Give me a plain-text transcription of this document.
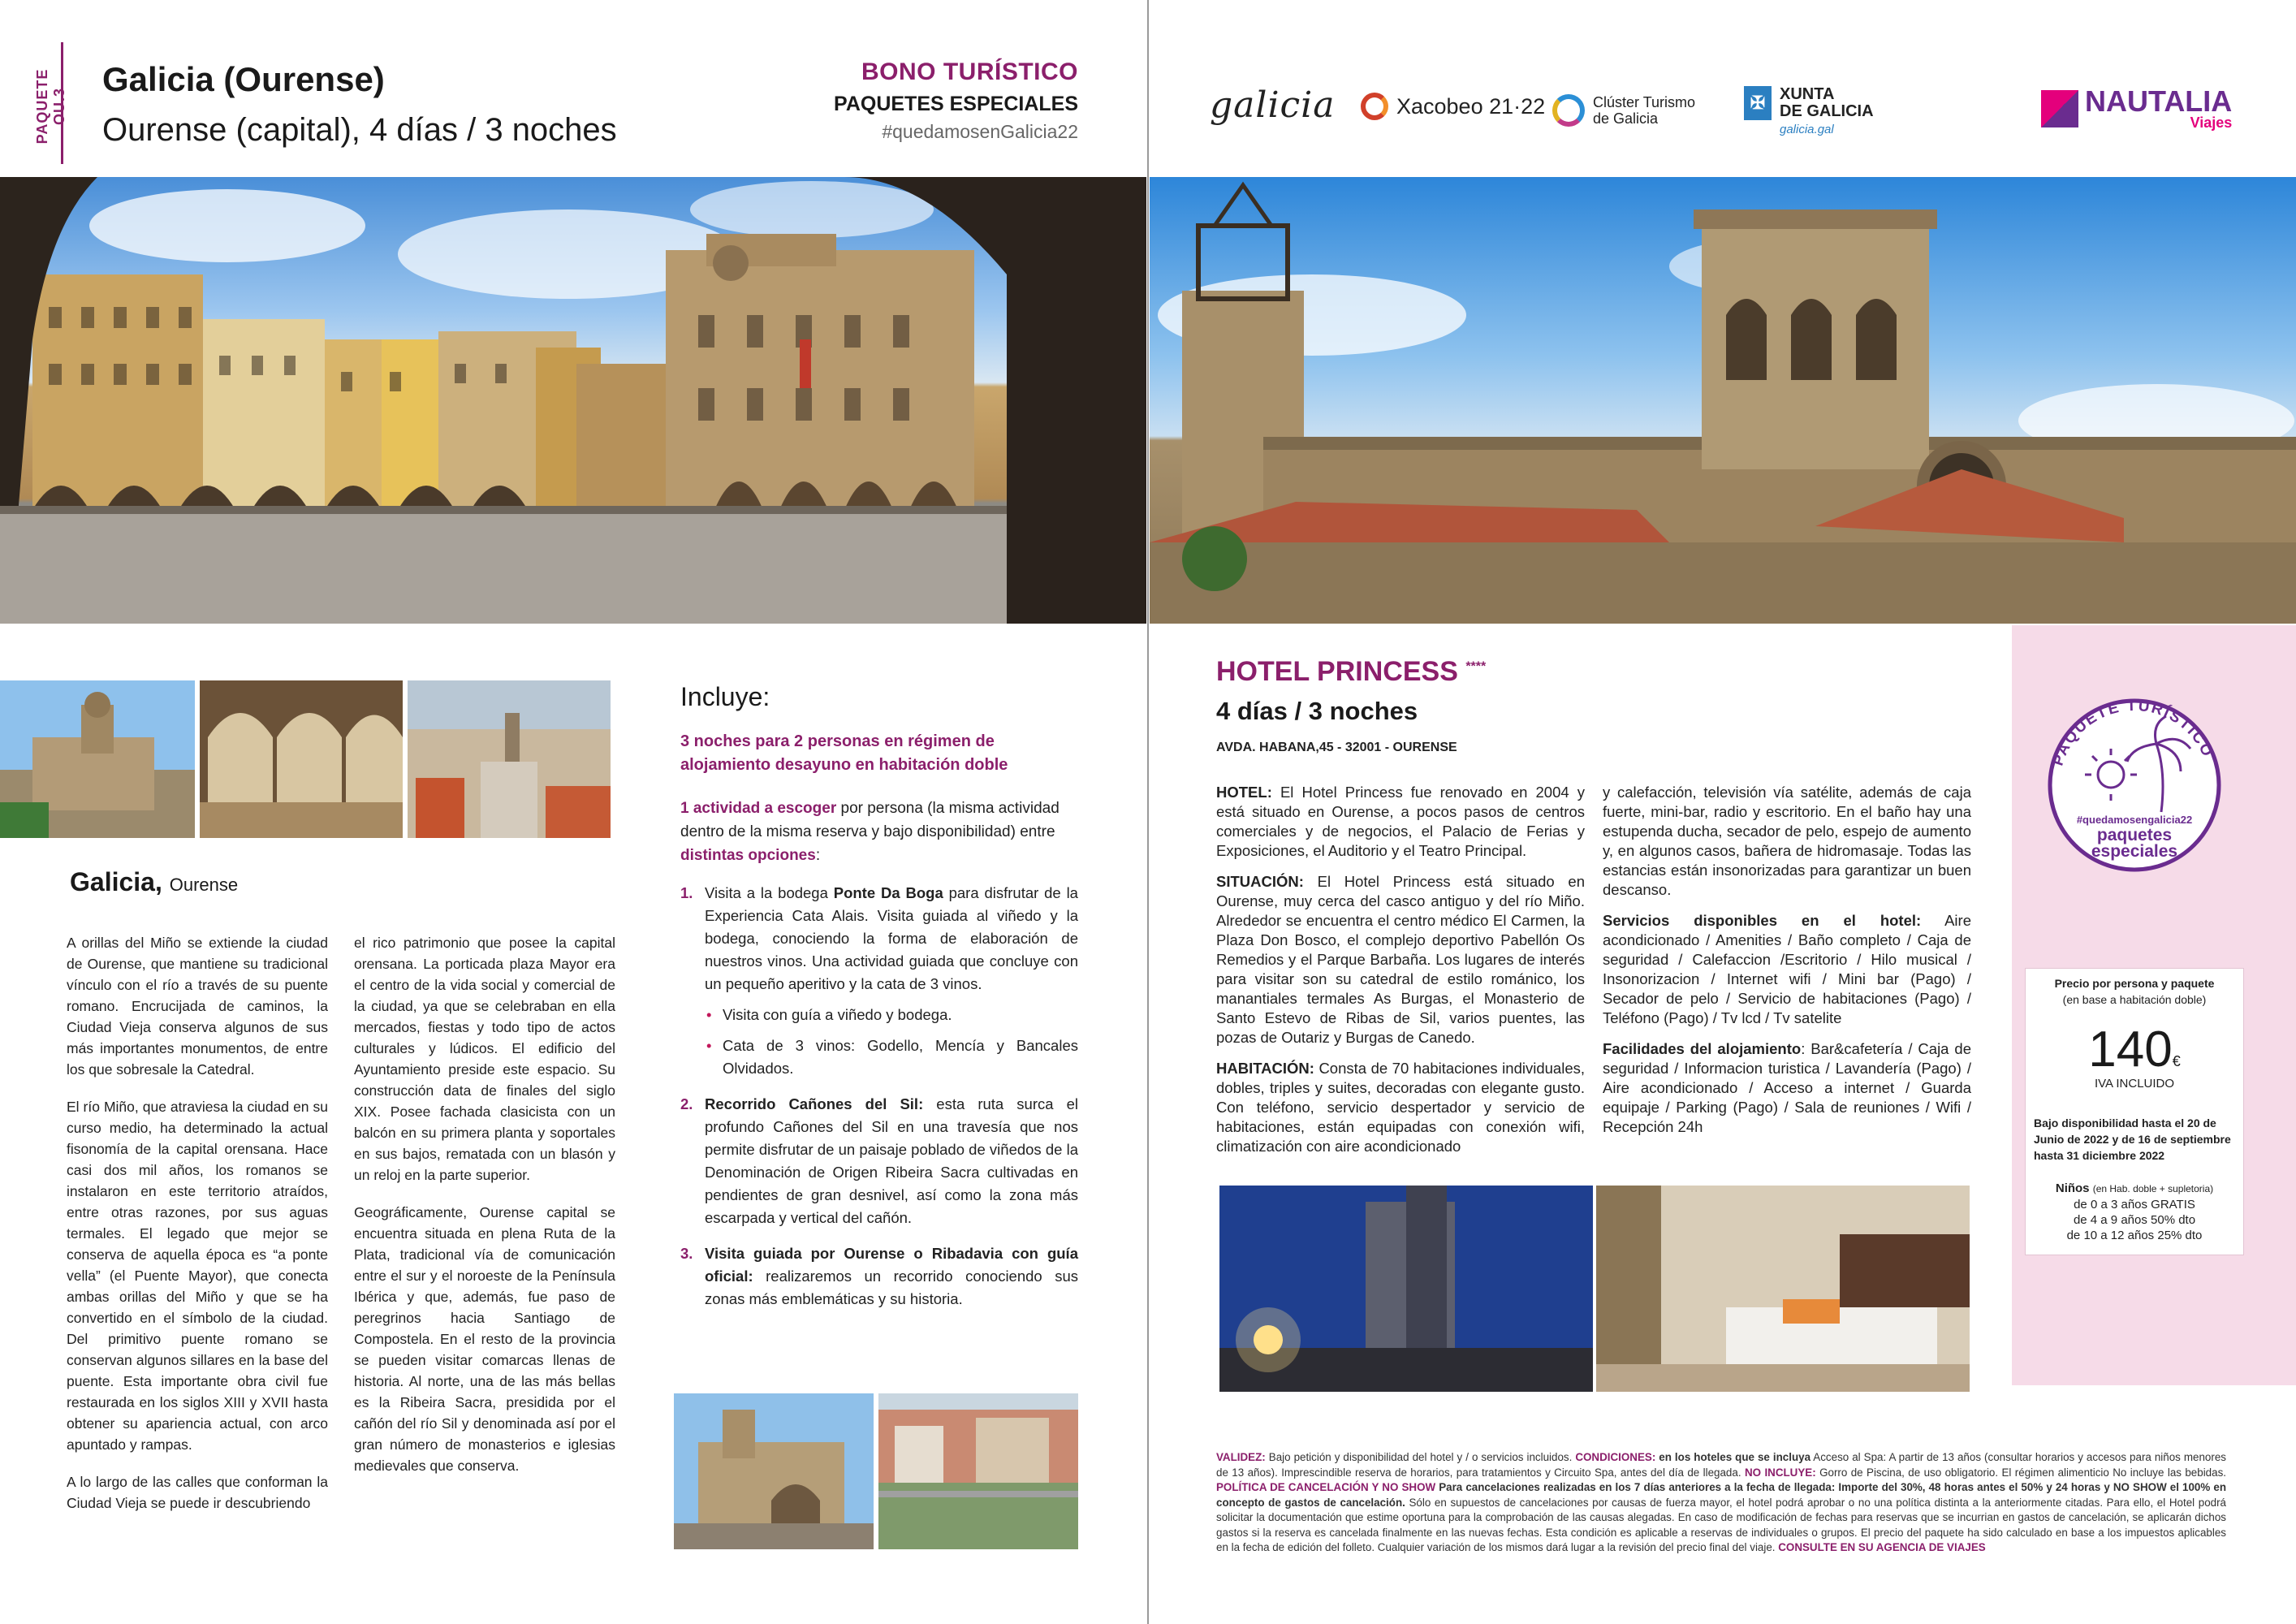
PAQUETE OU.3
Galicia (Ourense)
Ourense (capital), 4 días / 3 noches
BONO TURÍSTICO
PAQUETES ESPECIALES
#quedamosenGalicia22
Galicia, Ourense

A orillas del Miño se extiende la ciudad de Ourense, que mantiene su tradicional vínculo con el río a través de su puente romano. Encrucijada de caminos, la Ciudad Vieja conserva algunos de sus más importantes monumentos, de entre los que sobresale la Catedral.

El río Miño, que atraviesa la ciudad en su curso medio, ha determinado la actual fisonomía de la capital orensana. Hace casi dos mil años, los romanos se instalaron en este territorio atraídos, entre otras razones, por sus aguas termales. El legado que mejor se conserva de aquella época es “a ponte vella” (el Puente Mayor), que conecta ambas orillas del Miño y que se ha convertido en el símbolo de la ciudad. Del primitivo puente romano se conservan algunos sillares en la base del puente. Esta importante obra civil fue restaurada en los siglos XIII y XVII hasta obtener su apariencia actual, con arco apuntado y rampas.

A lo largo de las calles que conforman la Ciudad Vieja se puede ir descubriendo

el rico patrimonio que posee la capital orensana. La porticada plaza Mayor era el centro de la vida social y comercial de la ciudad, ya que se celebraban en ella mercados, fiestas y todo tipo de actos culturales y lúdicos. El edificio del Ayuntamiento preside este espacio. Su construcción data de finales del siglo XIX. Posee fachada clasicista con un balcón en su primera planta y soportales en sus bajos, rematada con un blasón y un reloj en la parte superior.

Geográficamente, Ourense capital se encuentra situada en plena Ruta de la Plata, tradicional vía de comunicación entre el sur y el noroeste de la Península Ibérica y que, además, fue paso de peregrinos hacia Santiago de Compostela. En el resto de la provincia se pueden visitar comarcas llenas de historia. Al norte, una de las más bellas es la Ribeira Sacra, presidida por el cañón del río Sil y denominada así por el gran número de monasterios e iglesias medievales que conserva.

Incluye:
3 noches para 2 personas en régimen de alojamiento desayuno en habitación doble
1 actividad a escoger por persona (la misma actividad dentro de la misma reserva y bajo disponibilidad) entre distintas opciones:
1. Visita a la bodega Ponte Da Boga para disfrutar de la Experiencia Cata Alais. Visita guiada al viñedo y la bodega, conociendo la forma de elaboración de nuestros vinos. Una actividad guiada que concluye con un pequeño aperitivo y la cata de 3 vinos.
• Visita con guía a viñedo y bodega.
• Cata de 3 vinos: Godello, Mencía y Bancales Olvidados.
2. Recorrido Cañones del Sil: esta ruta surca el profundo Cañones del Sil en una travesía que nos permite disfrutar de un paisaje poblado de viñedos de la Denominación de Origen Ribeira Sacra cultivadas en pendientes de gran desnivel, así como la zona más escarpada y vertical del cañón.
3. Visita guiada por Ourense o Ribadavia con guía oficial: realizaremos un recorrido conociendo sus zonas más emblemáticas y su historia.
galicia	Xacobeo 21·22	Clúster Turismo
de Galicia
✠ XUNTA
DE GALICIA
galicia.gal
NAUTALIA
Viajes
HOTEL PRINCESS ****
4 días / 3 noches
AVDA. HABANA,45 - 32001 - OURENSE

HOTEL: El Hotel Princess fue renovado en 2004 y está situado en Ourense, a pocos pasos de centros comerciales y de negocios, el Palacio de Ferias y Exposiciones, el Auditorio y el Teatro Principal.

SITUACIÓN: El Hotel Princess está situado en Ourense, muy cerca del casco antiguo y del río Miño. Alrededor se encuentra el centro médico El Carmen, la Plaza Don Bosco, el complejo deportivo Pabellón Os Remedios y el Parque Barbaña. Los lugares de interés para visitar son su catedral de estilo románico, los manantiales termales As Burgas, el Monasterio de Santo Estevo de Ribas de Sil, varios puentes, las pozas de Outariz y Burgas de Canedo.

HABITACIÓN: Consta de 70 habitaciones individuales, dobles, triples y suites, decoradas con elegante gusto. Con teléfono, servicio despertador y servicio de habitaciones, están equipadas con conexión wifi, climatización con aire acondicionado

y calefacción, televisión vía satélite, además de caja fuerte, mini-bar, radio y escritorio. En el baño hay una estupenda ducha, secador de pelo, espejo de aumento y, en algunos casos, bañera de hidromasaje. Todas las estancias están insonorizadas para garantizar un buen descanso.

Servicios disponibles en el hotel: Aire acondicionado / Amenities / Baño completo / Caja de seguridad / Calefaccion /Escritorio / Hilo musical / Insonorizacion / Internet wifi / Mini bar (Pago) / Secador de pelo / Servicio de habitaciones (Pago) / Teléfono (Pago) / Tv lcd / Tv satelite

Facilidades del alojamiento: Bar&cafetería / Caja de seguridad / Informacion turistica / Lavandería (Pago) / Aire acondicionado / Acceso a internet / Guarda equipaje / Parking (Pago) / Sala de reuniones / Wifi / Recepción 24h

PAQUETE TURÍSTICO
#quedamosengalicia22
paquetes
especiales
Precio por persona y paquete
(en base a habitación doble)
140€
IVA INCLUIDO
Bajo disponibilidad hasta el 20 de Junio de 2022 y de 16 de septiembre hasta 31 diciembre 2022
Niños (en Hab. doble + supletoria)
de 0 a 3 años GRATIS
de 4 a 9 años 50% dto
de 10 a 12 años 25% dto
VALIDEZ: Bajo petición y disponibilidad del hotel y / o servicios incluidos. CONDICIONES: en los hoteles que se incluya Acceso al Spa: A partir de 13 años (consultar horarios y accesos para niños menores de 13 años). Imprescindible reserva de horarios, para tratamientos y Circuito Spa, antes del día de llegada. NO INCLUYE: Gorro de Piscina, de uso obligatorio. El régimen alimenticio No incluye las bebidas. POLÍTICA DE CANCELACIÓN Y NO SHOW Para cancelaciones realizadas en los 7 días anteriores a la fecha de llegada: Importe del 30%, 48 horas antes el 50% y 24 horas y NO SHOW el 100% en concepto de gastos de cancelación. Sólo en supuestos de cancelaciones por causas de fuerza mayor, el hotel podrá aprobar o no una política distinta a la anteriormente citadas. Para ello, el Hotel podrá solicitar la documentación que estime oportuna para la comprobación de las causas alegadas. En caso de modificación de fechas para reservas que se incurrian en gastos de cancelación, se aplicarán dichos gastos si la reserva es cancelada finalmente en las nuevas fechas. Esta condición es aplicable a reservas de individuales o grupos. El precio del paquete ha sido calculado en base a los impuestos aplicables en la fecha de edición del folleto. Cualquier variación de los mismos dará lugar a la revisión del precio final del viaje. CONSULTE EN SU AGENCIA DE VIAJES
